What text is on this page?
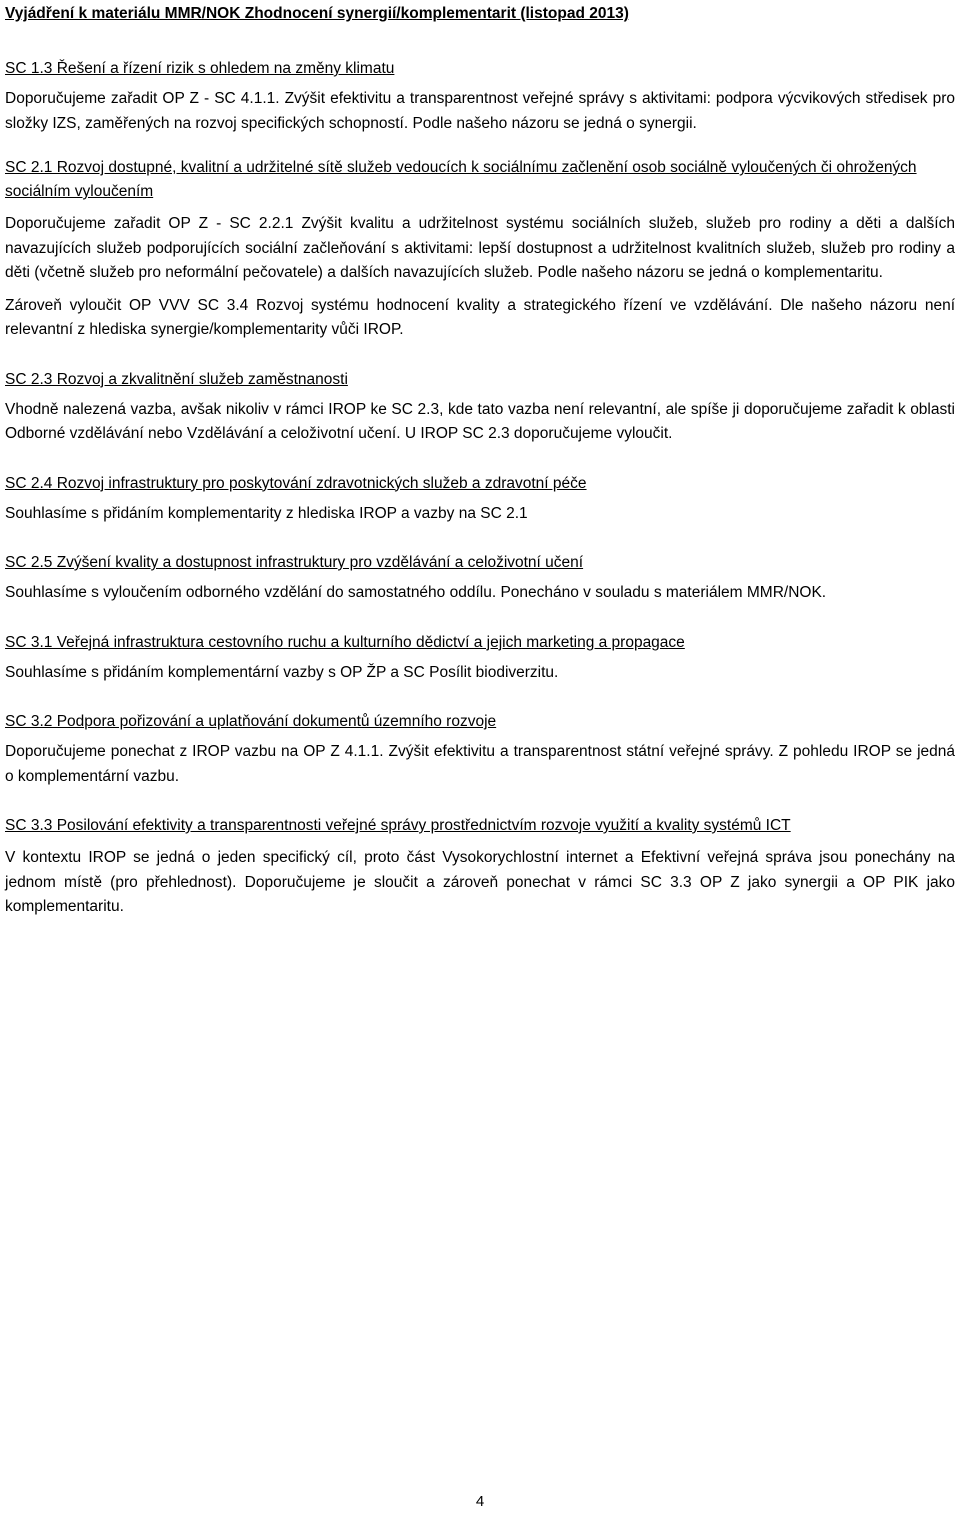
Vyjádření k materiálu MMR/NOK Zhodnocení synergií/komplementarit (listopad 2013)
SC 1.3 Řešení a řízení rizik s ohledem na změny klimatu
Doporučujeme zařadit OP Z - SC 4.1.1. Zvýšit efektivitu a transparentnost veřejné správy s aktivitami: podpora výcvikových středisek pro složky IZS, zaměřených na rozvoj specifických schopností. Podle našeho názoru se jedná o synergii.
SC 2.1 Rozvoj dostupné, kvalitní a udržitelné sítě služeb vedoucích k sociálnímu začlenění osob sociálně vyloučených či ohrožených sociálním vyloučením
Doporučujeme zařadit OP Z - SC 2.2.1 Zvýšit kvalitu a udržitelnost systému sociálních služeb, služeb pro rodiny a děti a dalších navazujících služeb podporujících sociální začleňování s aktivitami: lepší dostupnost a udržitelnost kvalitních služeb, služeb pro rodiny a děti (včetně služeb pro neformální pečovatele) a dalších navazujících služeb. Podle našeho názoru se jedná o komplementaritu.
Zároveň vyloučit OP VVV SC 3.4 Rozvoj systému hodnocení kvality a strategického řízení ve vzdělávání. Dle našeho názoru není relevantní z hlediska synergie/komplementarity vůči IROP.
SC 2.3 Rozvoj a zkvalitnění služeb zaměstnanosti
Vhodně nalezená vazba, avšak nikoliv v rámci IROP ke SC 2.3, kde tato vazba není relevantní, ale spíše ji doporučujeme zařadit k oblasti Odborné vzdělávání nebo Vzdělávání a celoživotní učení. U IROP SC 2.3 doporučujeme vyloučit.
SC 2.4 Rozvoj infrastruktury pro poskytování zdravotnických služeb a zdravotní péče
Souhlasíme s přidáním komplementarity z hlediska IROP a vazby na SC 2.1
SC 2.5 Zvýšení kvality a dostupnost infrastruktury pro vzdělávání a celoživotní učení
Souhlasíme s vyloučením odborného vzdělání do samostatného oddílu. Ponecháno v souladu s materiálem MMR/NOK.
SC 3.1 Veřejná infrastruktura cestovního ruchu a kulturního dědictví a jejich marketing a propagace
Souhlasíme s přidáním komplementární vazby s OP ŽP a SC Posílit biodiverzitu.
SC 3.2 Podpora pořizování a uplatňování dokumentů územního rozvoje
Doporučujeme ponechat z IROP vazbu na OP Z 4.1.1. Zvýšit efektivitu a transparentnost státní veřejné správy. Z pohledu IROP se jedná o komplementární vazbu.
SC 3.3 Posilování efektivity a transparentnosti veřejné správy prostřednictvím rozvoje využití a kvality systémů ICT
V kontextu IROP se jedná o jeden specifický cíl, proto část Vysokorychlostní internet a Efektivní veřejná správa jsou ponechány na jednom místě (pro přehlednost). Doporučujeme je sloučit a zároveň ponechat v rámci SC 3.3 OP Z jako synergii a OP PIK jako komplementaritu.
4
